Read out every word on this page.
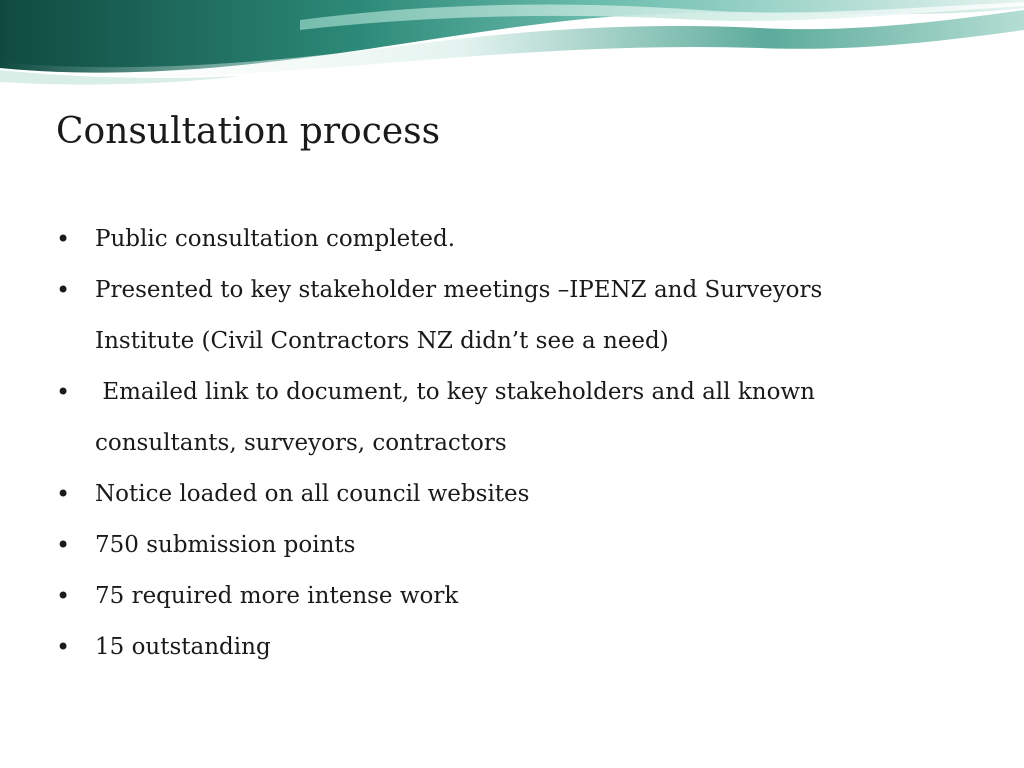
Consultation process
• Public consultation completed.
• Presented to key stakeholder meetings –IPENZ and Surveyors Institute (Civil Contractors NZ didn’t see a need)
• Emailed link to document, to key stakeholders and all known consultants, surveyors, contractors
• Notice loaded on all council websites
• 750 submission points
• 75 required more intense work
• 15 outstanding
